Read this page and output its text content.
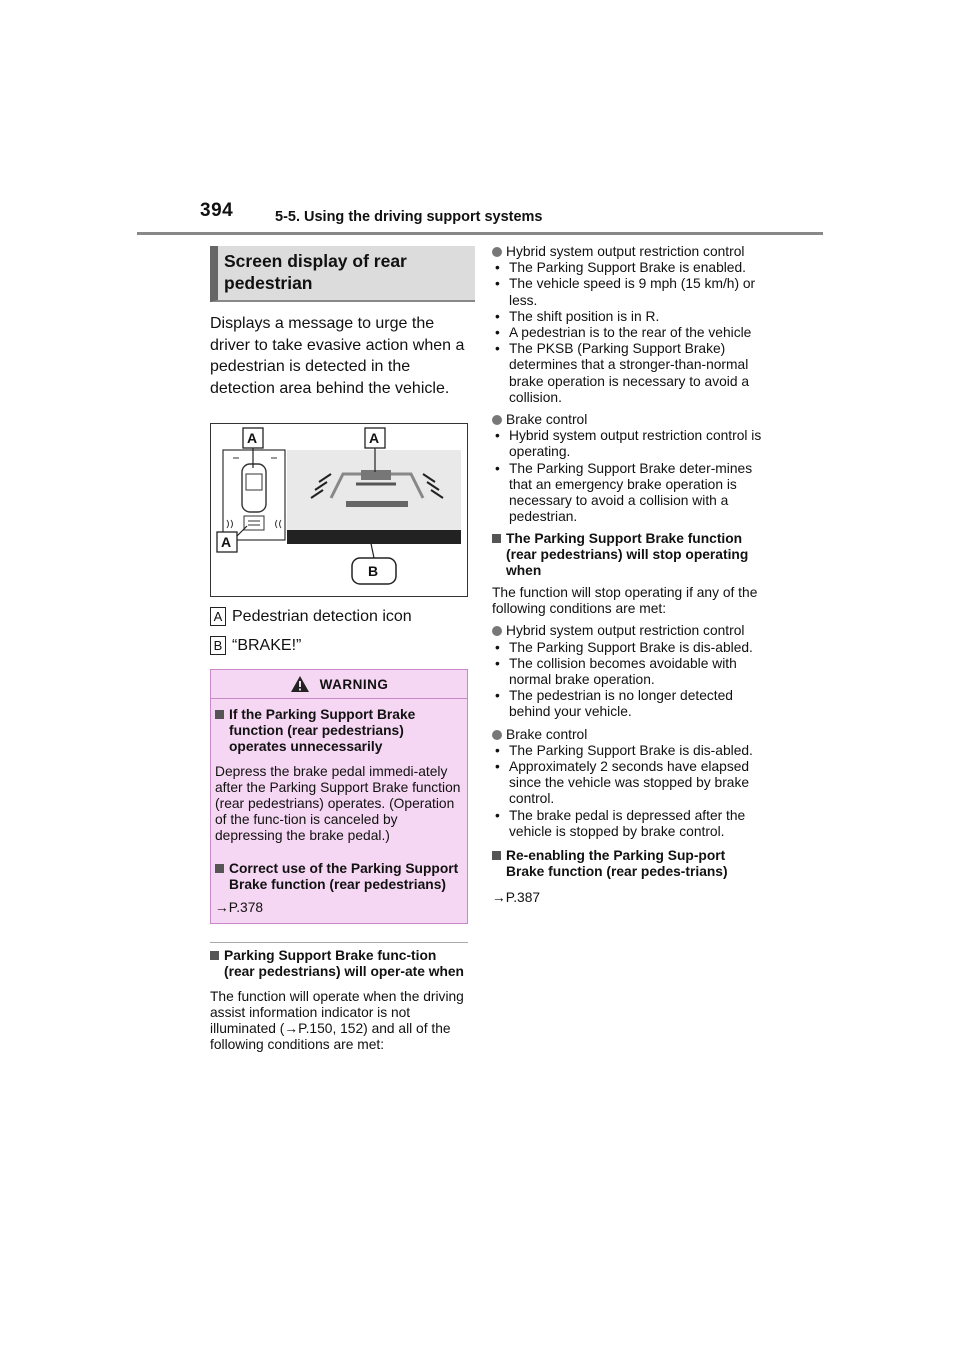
394	5-5. Using the driving support systems
Screen display of rear pedestrian

Displays a message to urge the driver to take evasive action when a pedestrian is detected in the detection area behind the vehicle.

A	A
A
B
A Pedestrian detection icon
B “BRAKE!”
WARNING
If the Parking Support Brake function (rear pedestrians) operates unnecessarily
Depress the brake pedal immedi-ately after the Parking Support Brake function (rear pedestrians) operates. (Operation of the func-tion is canceled by depressing the brake pedal.)
Correct use of the Parking Support Brake function (rear pedestrians)
→P.378
Parking Support Brake func-tion (rear pedestrians) will oper-ate when
The function will operate when the driving assist information indicator is not illuminated (→P.150, 152) and all of the following conditions are met:
Hybrid system output restriction control
• The Parking Support Brake is enabled.
• The vehicle speed is 9 mph (15 km/h) or less.
• The shift position is in R.
• A pedestrian is to the rear of the vehicle
• The PKSB (Parking Support Brake) determines that a stronger-than-normal brake operation is necessary to avoid a collision.
Brake control
• Hybrid system output restriction control is operating.
• The Parking Support Brake deter-mines that an emergency brake operation is necessary to avoid a collision with a pedestrian.
The Parking Support Brake function (rear pedestrians) will stop operating when
The function will stop operating if any of the following conditions are met:
Hybrid system output restriction control
• The Parking Support Brake is dis-abled.
• The collision becomes avoidable with normal brake operation.
• The pedestrian is no longer detected behind your vehicle.
Brake control
• The Parking Support Brake is dis-abled.
• Approximately 2 seconds have elapsed since the vehicle was stopped by brake control.
• The brake pedal is depressed after the vehicle is stopped by brake control.
Re-enabling the Parking Sup-port Brake function (rear pedes-trians)
→P.387
